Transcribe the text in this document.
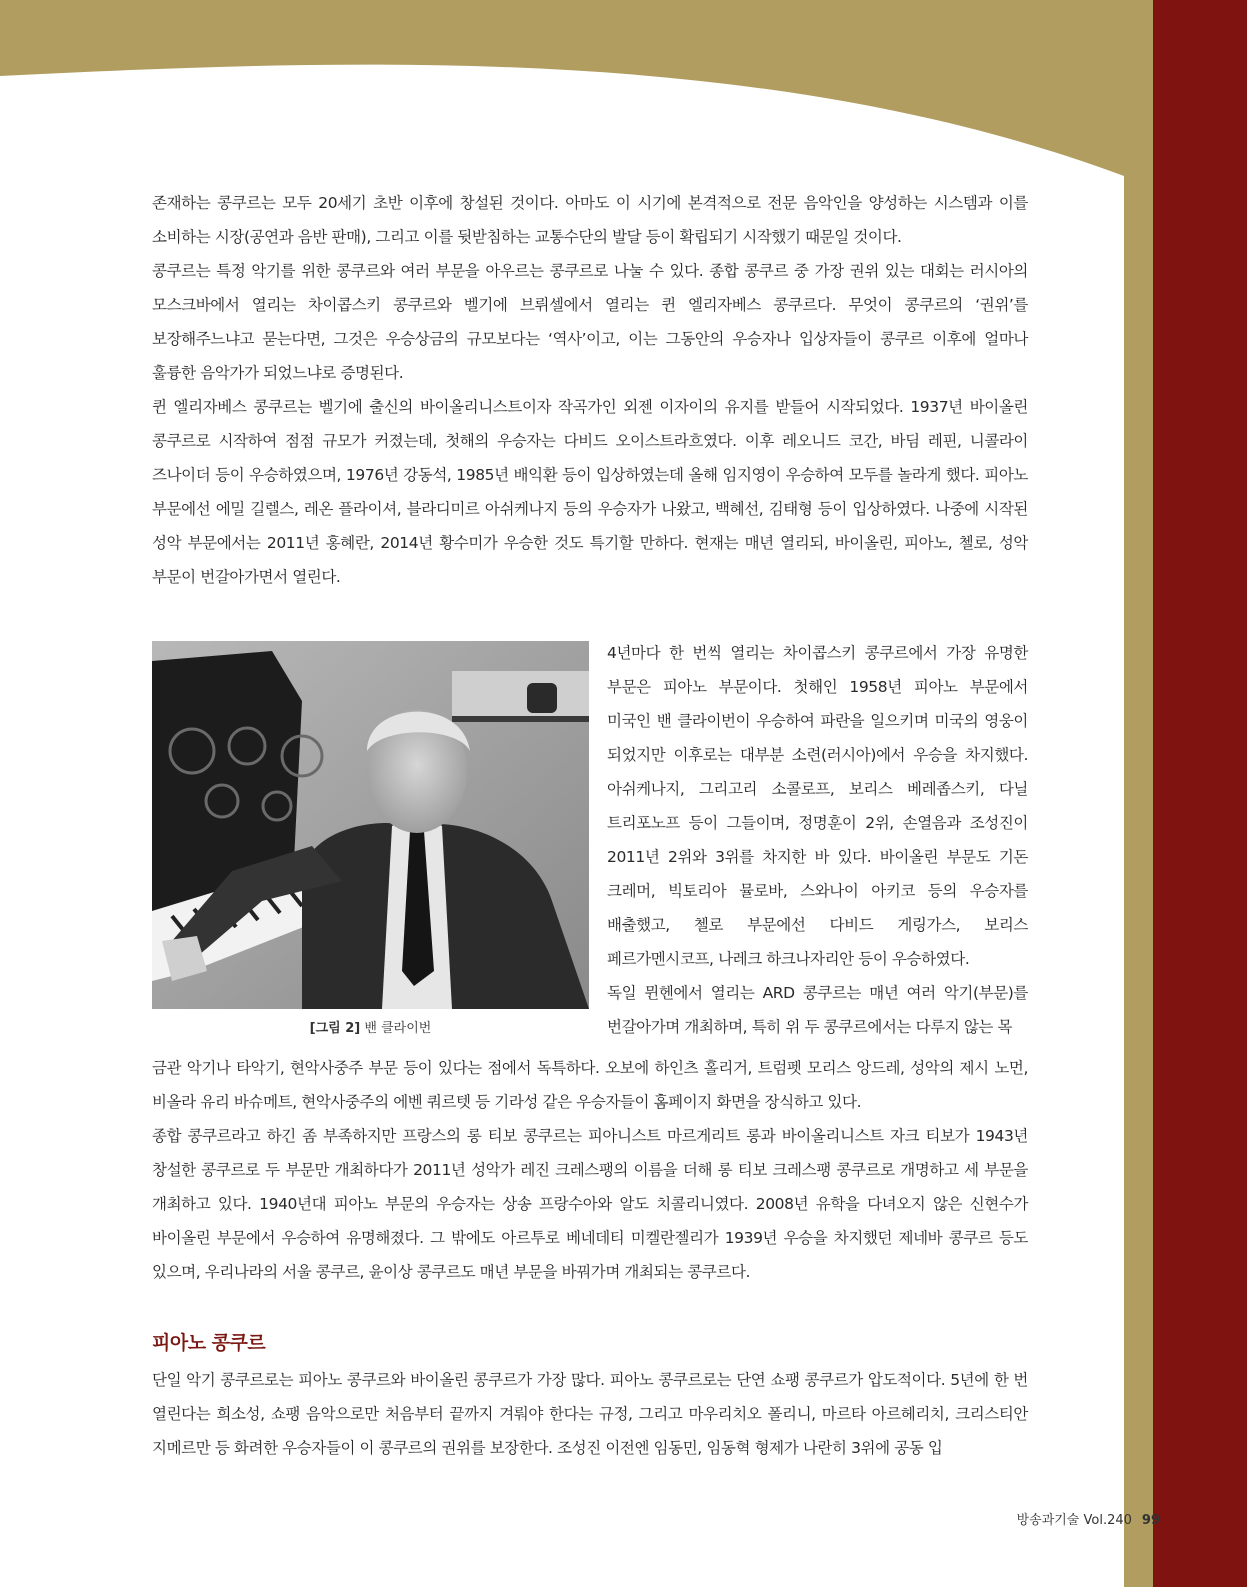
존재하는 콩쿠르는 모두 20세기 초반 이후에 창설된 것이다. 아마도 이 시기에 본격적으로 전문 음악인을 양성하는 시스템과 이를 소비하는 시장(공연과 음반 판매), 그리고 이를 뒷받침하는 교통수단의 발달 등이 확립되기 시작했기 때문일 것이다.

콩쿠르는 특정 악기를 위한 콩쿠르와 여러 부문을 아우르는 콩쿠르로 나눌 수 있다. 종합 콩쿠르 중 가장 권위 있는 대회는 러시아의 모스크바에서 열리는 차이콥스키 콩쿠르와 벨기에 브뤼셀에서 열리는 퀸 엘리자베스 콩쿠르다. 무엇이 콩쿠르의 ‘권위’를 보장해주느냐고 묻는다면, 그것은 우승상금의 규모보다는 ‘역사’이고, 이는 그동안의 우승자나 입상자들이 콩쿠르 이후에 얼마나 훌륭한 음악가가 되었느냐로 증명된다.

퀸 엘리자베스 콩쿠르는 벨기에 출신의 바이올리니스트이자 작곡가인 외젠 이자이의 유지를 받들어 시작되었다. 1937년 바이올린 콩쿠르로 시작하여 점점 규모가 커졌는데, 첫해의 우승자는 다비드 오이스트라흐였다. 이후 레오니드 코간, 바딤 레핀, 니콜라이 즈나이더 등이 우승하였으며, 1976년 강동석, 1985년 배익환 등이 입상하였는데 올해 임지영이 우승하여 모두를 놀라게 했다. 피아노 부문에선 에밀 길렐스, 레온 플라이셔, 블라디미르 아쉬케나지 등의 우승자가 나왔고, 백혜선, 김태형 등이 입상하였다. 나중에 시작된 성악 부문에서는 2011년 홍혜란, 2014년 황수미가 우승한 것도 특기할 만하다. 현재는 매년 열리되, 바이올린, 피아노, 첼로, 성악 부문이 번갈아가면서 열린다.

[그림 2] 밴 클라이번

4년마다 한 번씩 열리는 차이콥스키 콩쿠르에서 가장 유명한 부문은 피아노 부문이다. 첫해인 1958년 피아노 부문에서 미국인 밴 클라이번이 우승하여 파란을 일으키며 미국의 영웅이 되었지만 이후로는 대부분 소련(러시아)에서 우승을 차지했다. 아쉬케나지, 그리고리 소콜로프, 보리스 베레좁스키, 다닐 트리포노프 등이 그들이며, 정명훈이 2위, 손열음과 조성진이 2011년 2위와 3위를 차지한 바 있다. 바이올린 부문도 기돈 크레머, 빅토리아 뮬로바, 스와나이 아키코 등의 우승자를 배출했고, 첼로 부문에선 다비드 게링가스, 보리스 페르가멘시코프, 나레크 하크나자리안 등이 우승하였다.

독일 뮌헨에서 열리는 ARD 콩쿠르는 매년 여러 악기(부문)를 번갈아가며 개최하며, 특히 위 두 콩쿠르에서는 다루지 않는 목

금관 악기나 타악기, 현악사중주 부문 등이 있다는 점에서 독특하다. 오보에 하인츠 홀리거, 트럼펫 모리스 앙드레, 성악의 제시 노먼, 비올라 유리 바슈메트, 현악사중주의 에벤 쿼르텟 등 기라성 같은 우승자들이 홈페이지 화면을 장식하고 있다.

종합 콩쿠르라고 하긴 좀 부족하지만 프랑스의 롱 티보 콩쿠르는 피아니스트 마르게리트 롱과 바이올리니스트 자크 티보가 1943년 창설한 콩쿠르로 두 부문만 개최하다가 2011년 성악가 레진 크레스팽의 이름을 더해 롱 티보 크레스팽 콩쿠르로 개명하고 세 부문을 개최하고 있다. 1940년대 피아노 부문의 우승자는 상송 프랑수아와 알도 치콜리니였다. 2008년 유학을 다녀오지 않은 신현수가 바이올린 부문에서 우승하여 유명해졌다. 그 밖에도 아르투로 베네데티 미켈란젤리가 1939년 우승을 차지했던 제네바 콩쿠르 등도 있으며, 우리나라의 서울 콩쿠르, 윤이상 콩쿠르도 매년 부문을 바꿔가며 개최되는 콩쿠르다.

피아노 콩쿠르

단일 악기 콩쿠르로는 피아노 콩쿠르와 바이올린 콩쿠르가 가장 많다. 피아노 콩쿠르로는 단연 쇼팽 콩쿠르가 압도적이다. 5년에 한 번 열린다는 희소성, 쇼팽 음악으로만 처음부터 끝까지 겨뤄야 한다는 규정, 그리고 마우리치오 폴리니, 마르타 아르헤리치, 크리스티안 지메르만 등 화려한 우승자들이 이 콩쿠르의 권위를 보장한다. 조성진 이전엔 임동민, 임동혁 형제가 나란히 3위에 공동 입

방송과기술 Vol.240 99
